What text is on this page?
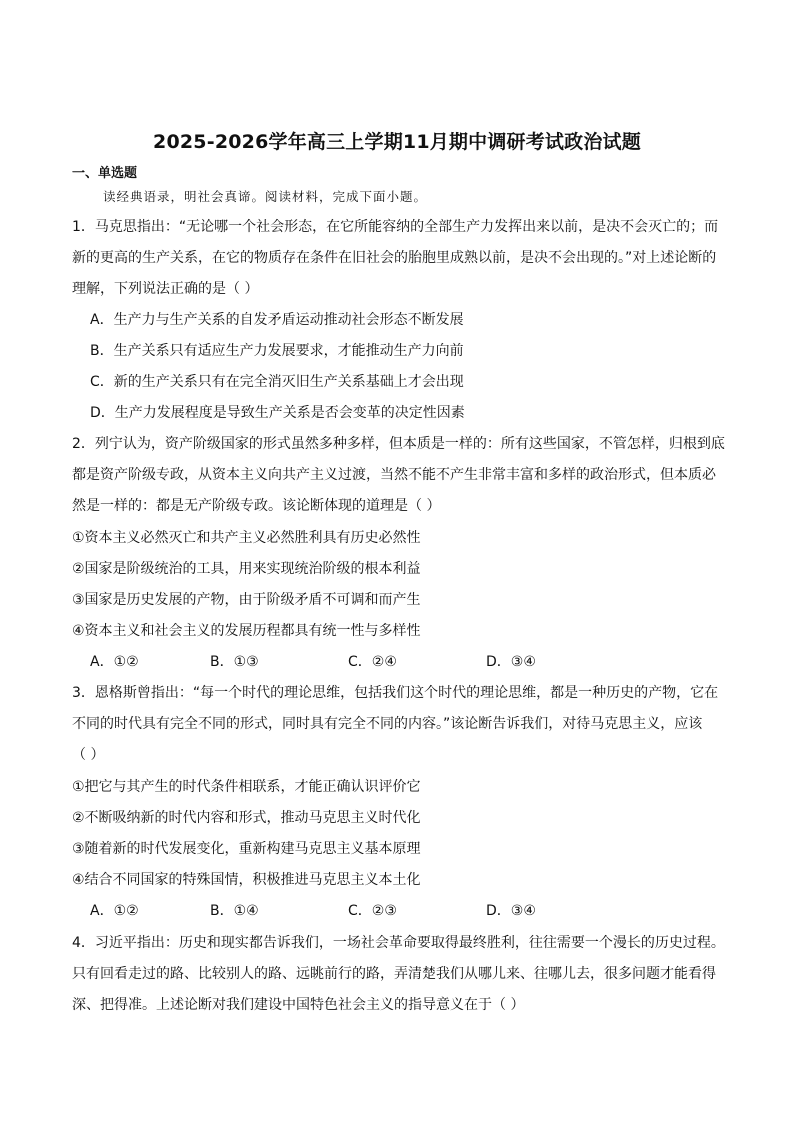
2025-2026学年高三上学期11月期中调研考试政治试题
一、单选题
读经典语录，明社会真谛。阅读材料，完成下面小题。
1．马克思指出：“无论哪一个社会形态，在它所能容纳的全部生产力发挥出来以前，是决不会灭亡的；而
新的更高的生产关系，在它的物质存在条件在旧社会的胎胞里成熟以前，是决不会出现的。”对上述论断的
理解，下列说法正确的是（ ）
A．生产力与生产关系的自发矛盾运动推动社会形态不断发展
B．生产关系只有适应生产力发展要求，才能推动生产力向前
C．新的生产关系只有在完全消灭旧生产关系基础上才会出现
D．生产力发展程度是导致生产关系是否会变革的决定性因素
2．列宁认为，资产阶级国家的形式虽然多种多样，但本质是一样的：所有这些国家，不管怎样，归根到底
都是资产阶级专政，从资本主义向共产主义过渡，当然不能不产生非常丰富和多样的政治形式，但本质必
然是一样的：都是无产阶级专政。该论断体现的道理是（ ）
①资本主义必然灭亡和共产主义必然胜利具有历史必然性
②国家是阶级统治的工具，用来实现统治阶级的根本利益
③国家是历史发展的产物，由于阶级矛盾不可调和而产生
④资本主义和社会主义的发展历程都具有统一性与多样性
A．①②	B．①③	C．②④	D．③④
3．恩格斯曾指出：“每一个时代的理论思维，包括我们这个时代的理论思维，都是一种历史的产物，它在
不同的时代具有完全不同的形式，同时具有完全不同的内容。”该论断告诉我们，对待马克思主义，应该
（ ）
①把它与其产生的时代条件相联系，才能正确认识评价它
②不断吸纳新的时代内容和形式，推动马克思主义时代化
③随着新的时代发展变化，重新构建马克思主义基本原理
④结合不同国家的特殊国情，积极推进马克思主义本土化
A．①②	B．①④	C．②③	D．③④
4．习近平指出：历史和现实都告诉我们，一场社会革命要取得最终胜利，往往需要一个漫长的历史过程。
只有回看走过的路、比较别人的路、远眺前行的路，弄清楚我们从哪儿来、往哪儿去，很多问题才能看得
深、把得准。上述论断对我们建设中国特色社会主义的指导意义在于（ ）
